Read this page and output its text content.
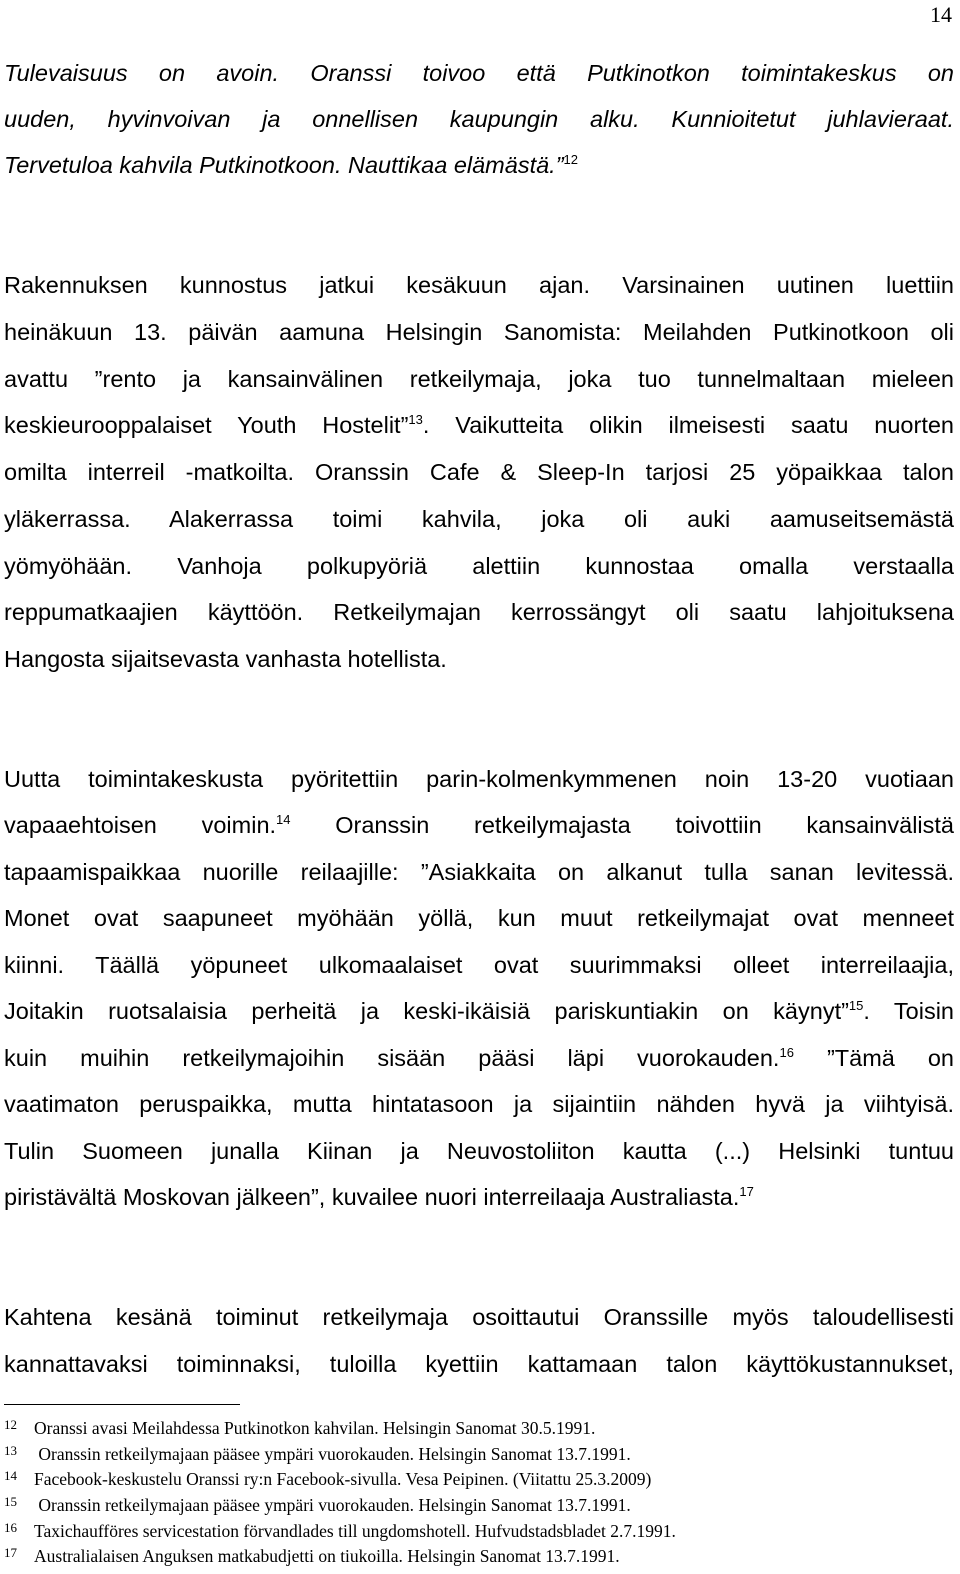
14
Tulevaisuus on avoin. Oranssi toivoo että Putkinotkon toimintakeskus on
uuden, hyvinvoivan ja onnellisen kaupungin alku. Kunnioitetut juhlavieraat.
Tervetuloa kahvila Putkinotkoon. Nauttikaa elämästä.”$^{12}$
Rakennuksen kunnostus jatkui kesäkuun ajan. Varsinainen uutinen luettiin
heinäkuun 13. päivän aamuna Helsingin Sanomista: Meilahden Putkinotkoon oli
avattu ”rento ja kansainvälinen retkeilymaja, joka tuo tunnelmaltaan mieleen
keskieurooppalaiset Youth Hostelit”$^{13}$. Vaikutteita olikin ilmeisesti saatu nuorten
omilta interreil -matkoilta. Oranssin Cafe & Sleep-In tarjosi 25 yöpaikkaa talon
yläkerrassa. Alakerrassa toimi kahvila, joka oli auki aamuseitsemästä
yömyöhään. Vanhoja polkupyöriä alettiin kunnostaa omalla verstaalla
reppumatkaajien käyttöön. Retkeilymajan kerrossängyt oli saatu lahjoituksena
Hangosta sijaitsevasta vanhasta hotellista.
Uutta toimintakeskusta pyöritettiin parin-kolmenkymmenen noin 13-20 vuotiaan
vapaaehtoisen voimin.$^{14}$ Oranssin retkeilymajasta toivottiin kansainvälistä
tapaamispaikkaa nuorille reilaajille: ”Asiakkaita on alkanut tulla sanan levitessä.
Monet ovat saapuneet myöhään yöllä, kun muut retkeilymajat ovat menneet
kiinni. Täällä yöpuneet ulkomaalaiset ovat suurimmaksi olleet interreilaajia,
Joitakin ruotsalaisia perheitä ja keski-ikäisiä pariskuntiakin on käynyt”$^{15}$. Toisin
kuin muihin retkeilymajoihin sisään pääsi läpi vuorokauden.$^{16}$ ”Tämä on
vaatimaton peruspaikka, mutta hintatasoon ja sijaintiin nähden hyvä ja viihtyisä.
Tulin Suomeen junalla Kiinan ja Neuvostoliiton kautta (...) Helsinki tuntuu
piristävältä Moskovan jälkeen”, kuvailee nuori interreilaaja Australiasta.$^{17}$
Kahtena kesänä toiminut retkeilymaja osoittautui Oranssille myös taloudellisesti
kannattavaksi toiminnaksi, tuloilla kyettiin kattamaan talon käyttökustannukset,
12 Oranssi avasi Meilahdessa Putkinotkon kahvilan. Helsingin Sanomat 30.5.1991.
13 Oranssin retkeilymajaan pääsee ympäri vuorokauden. Helsingin Sanomat 13.7.1991.
14 Facebook-keskustelu Oranssi ry:n Facebook-sivulla. Vesa Peipinen. (Viitattu 25.3.2009)
15 Oranssin retkeilymajaan pääsee ympäri vuorokauden. Helsingin Sanomat 13.7.1991.
16 Taxichaufföres servicestation förvandlades till ungdomshotell. Hufvudstadsbladet 2.7.1991.
17 Australialaisen Anguksen matkabudjetti on tiukoilla. Helsingin Sanomat 13.7.1991.
